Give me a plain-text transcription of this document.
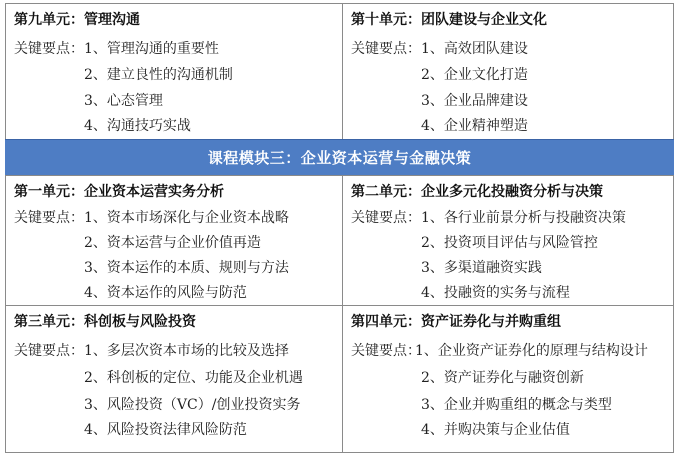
第九单元：管理沟通
关键要点： 1、管理沟通的重要性
2、建立良性的沟通机制
3、心态管理
4、沟通技巧实战
第十单元：团队建设与企业文化
关键要点： 1、高效团队建设
2、企业文化打造
3、企业品牌建设
4、企业精神塑造
课程模块三：企业资本运营与金融决策
第一单元：企业资本运营实务分析
关键要点： 1、资本市场深化与企业资本战略
2、资本运营与企业价值再造
3、资本运作的本质、规则与方法
4、资本运作的风险与防范
第二单元：企业多元化投融资分析与决策
关键要点： 1、各行业前景分析与投融资决策
2、投资项目评估与风险管控
3、多渠道融资实践
4、投融资的实务与流程
第三单元：科创板与风险投资
关键要点： 1、多层次资本市场的比较及选择
2、科创板的定位、功能及企业机遇
3、风险投资（VC）/创业投资实务
4、风险投资法律风险防范
第四单元：资产证券化与并购重组
关键要点：
1、企业资产证券化的原理与结构设计
2、资产证券化与融资创新
3、企业并购重组的概念与类型
4、并购决策与企业估值
